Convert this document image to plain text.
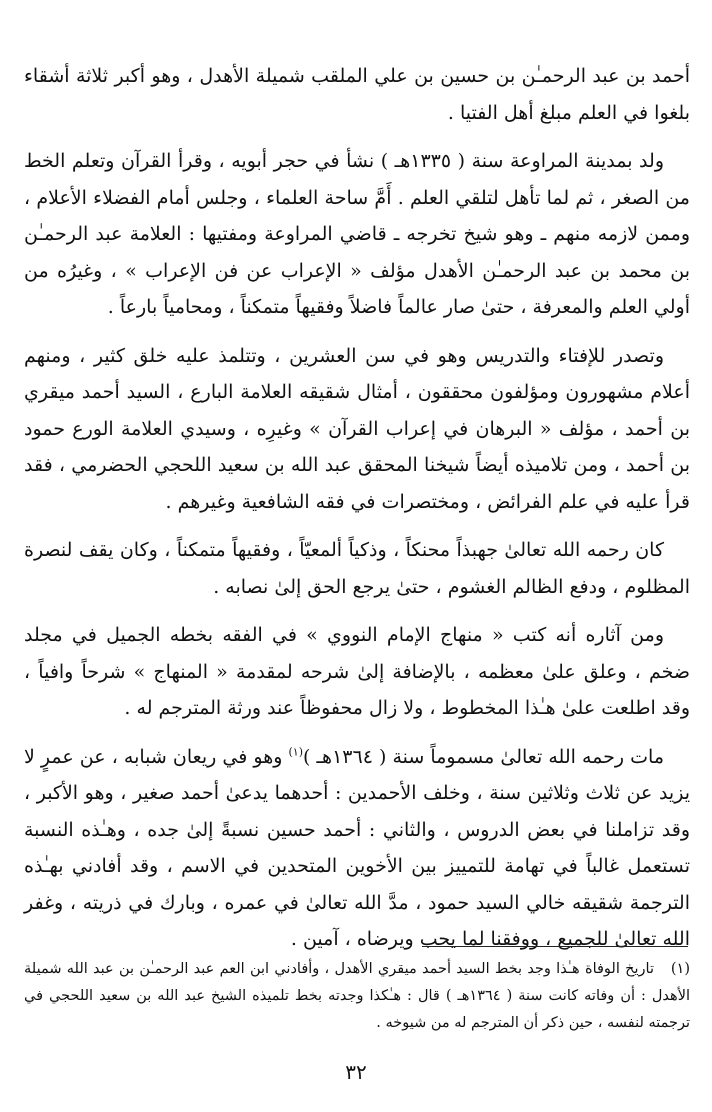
أحمد بن عبد الرحمـٰن بن حسين بن علي الملقب شميلة الأهدل ، وهو أكبر ثلاثة أشقاء بلغوا في العلم مبلغ أهل الفتيا .

ولد بمدينة المراوعة سنة ( ١٣٣٥هـ ) نشأ في حجر أبويه ، وقرأ القرآن وتعلم الخط من الصغر ، ثم لما تأهل لتلقي العلم . أَمَّ ساحة العلماء ، وجلس أمام الفضلاء الأعلام ، وممن لازمه منهم ـ وهو شيخ تخرجه ـ قاضي المراوعة ومفتيها : العلامة عبد الرحمـٰن بن محمد بن عبد الرحمـٰن الأهدل مؤلف « الإعراب عن فن الإعراب » ، وغيرُه من أولي العلم والمعرفة ، حتىٰ صار عالماً فاضلاً وفقيهاً متمكناً ، ومحامياً بارعاً .

وتصدر للإفتاء والتدريس وهو في سن العشرين ، وتتلمذ عليه خلق كثير ، ومنهم أعلام مشهورون ومؤلفون محققون ، أمثال شقيقه العلامة البارع ، السيد أحمد ميقري بن أحمد ، مؤلف « البرهان في إعراب القرآن » وغيرِه ، وسيدي العلامة الورع حمود بن أحمد ، ومن تلاميذه أيضاً شيخنا المحقق عبد الله بن سعيد اللحجي الحضرمي ، فقد قرأ عليه في علم الفرائض ، ومختصرات في فقه الشافعية وغيرهم .

كان رحمه الله تعالىٰ جهبذاً محنكاً ، وذكياً ألمعيّاً ، وفقيهاً متمكناً ، وكان يقف لنصرة المظلوم ، ودفع الظالم الغشوم ، حتىٰ يرجع الحق إلىٰ نصابه .

ومن آثاره أنه كتب « منهاج الإمام النووي » في الفقه بخطه الجميل في مجلد ضخم ، وعلق علىٰ معظمه ، بالإضافة إلىٰ شرحه لمقدمة « المنهاج » شرحاً وافياً ، وقد اطلعت علىٰ هـٰذا المخطوط ، ولا زال محفوظاً عند ورثة المترجم له .

مات رحمه الله تعالىٰ مسموماً سنة ( ١٣٦٤هـ )$^{(١)}$ وهو في ريعان شبابه ، عن عمرٍ لا يزيد عن ثلاث وثلاثين سنة ، وخلف الأحمدين : أحدهما يدعىٰ أحمد صغير ، وهو الأكبر ، وقد تزاملنا في بعض الدروس ، والثاني : أحمد حسين نسبةً إلىٰ جده ، وهـٰذه النسبة تستعمل غالباً في تهامة للتمييز بين الأخوين المتحدين في الاسم ، وقد أفادني بهـٰذه الترجمة شقيقه خالي السيد حمود ، مدَّ الله تعالىٰ في عمره ، وبارك في ذريته ، وغفر الله تعالىٰ للجميع ، ووفقنا لما يحب ويرضاه ، آمين .

(١)تاريخ الوفاة هـٰذا وجد بخط السيد أحمد ميقري الأهدل ، وأفادني ابن العم عبد الرحمـٰن بن عبد الله شميلة الأهدل : أن وفاته كانت سنة ( ١٣٦٤هـ ) قال : هـٰكذا وجدته بخط تلميذه الشيخ عبد الله بن سعيد اللحجي في ترجمته لنفسه ، حين ذكر أن المترجم له من شيوخه .
٣٢
